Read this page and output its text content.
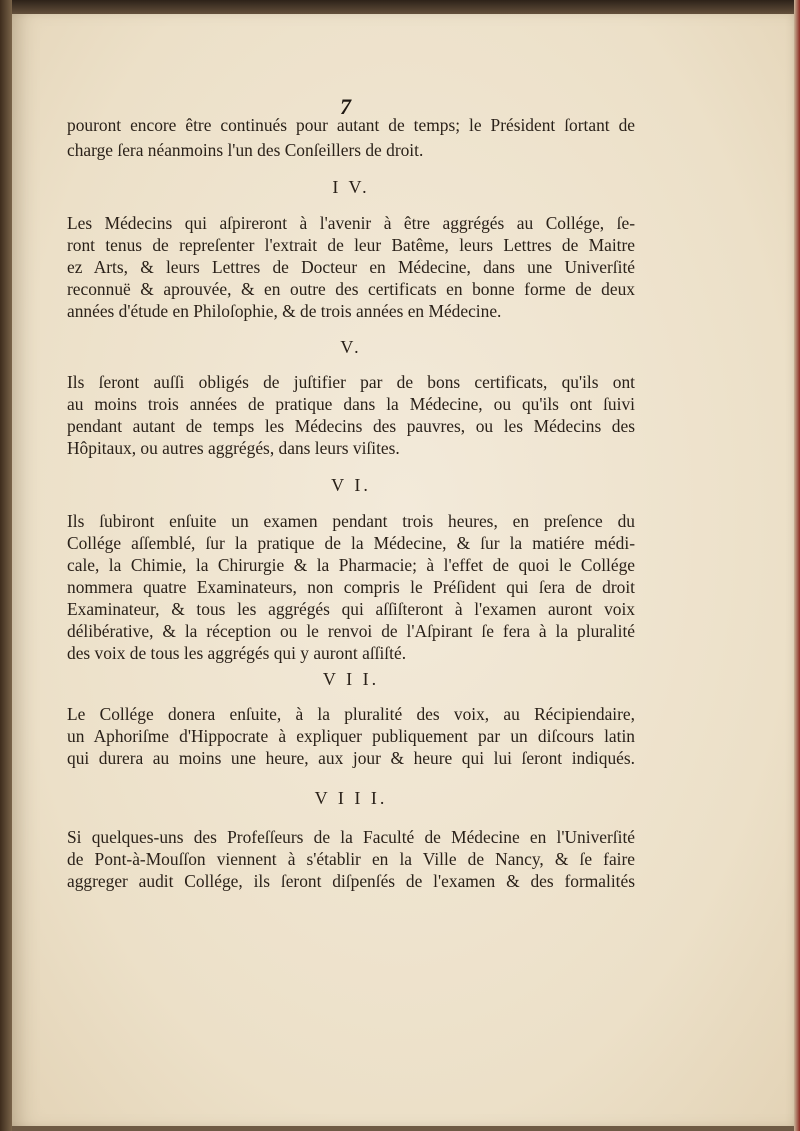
7
pouront encore être continués pour autant de temps; le Président ſortant de
charge ſera néanmoins l'un des Conſeillers de droit.
I V.
Les Médecins qui aſpireront à l'avenir à être aggrégés au Collége, ſe-
ront tenus de repreſenter l'extrait de leur Batême, leurs Lettres de Maitre
ez Arts, & leurs Lettres de Docteur en Médecine, dans une Univerſité
reconnuë & aprouvée, & en outre des certificats en bonne forme de deux
années d'étude en Philoſophie, & de trois années en Médecine.
V.
Ils ſeront auſſi obligés de juſtifier par de bons certificats, qu'ils ont
au moins trois années de pratique dans la Médecine, ou qu'ils ont ſuivi
pendant autant de temps les Médecins des pauvres, ou les Médecins des
Hôpitaux, ou autres aggrégés, dans leurs viſites.
V I.
Ils ſubiront enſuite un examen pendant trois heures, en preſence du
Collége aſſemblé, ſur la pratique de la Médecine, & ſur la matiére médi-
cale, la Chimie, la Chirurgie & la Pharmacie; à l'effet de quoi le Collége
nommera quatre Examinateurs, non compris le Préſident qui ſera de droit
Examinateur, & tous les aggrégés qui aſſiſteront à l'examen auront voix
délibérative, & la réception ou le renvoi de l'Aſpirant ſe fera à la pluralité
des voix de tous les aggrégés qui y auront aſſiſté.
V I I.
Le Collége donera enſuite, à la pluralité des voix, au Récipiendaire,
un Aphoriſme d'Hippocrate à expliquer publiquement par un diſcours latin
qui durera au moins une heure, aux jour & heure qui lui ſeront indiqués.
V I I I.
Si quelques-uns des Profeſſeurs de la Faculté de Médecine en l'Univerſité
de Pont-à-Mouſſon viennent à s'établir en la Ville de Nancy, & ſe faire
aggreger audit Collége, ils ſeront diſpenſés de l'examen & des formalités
